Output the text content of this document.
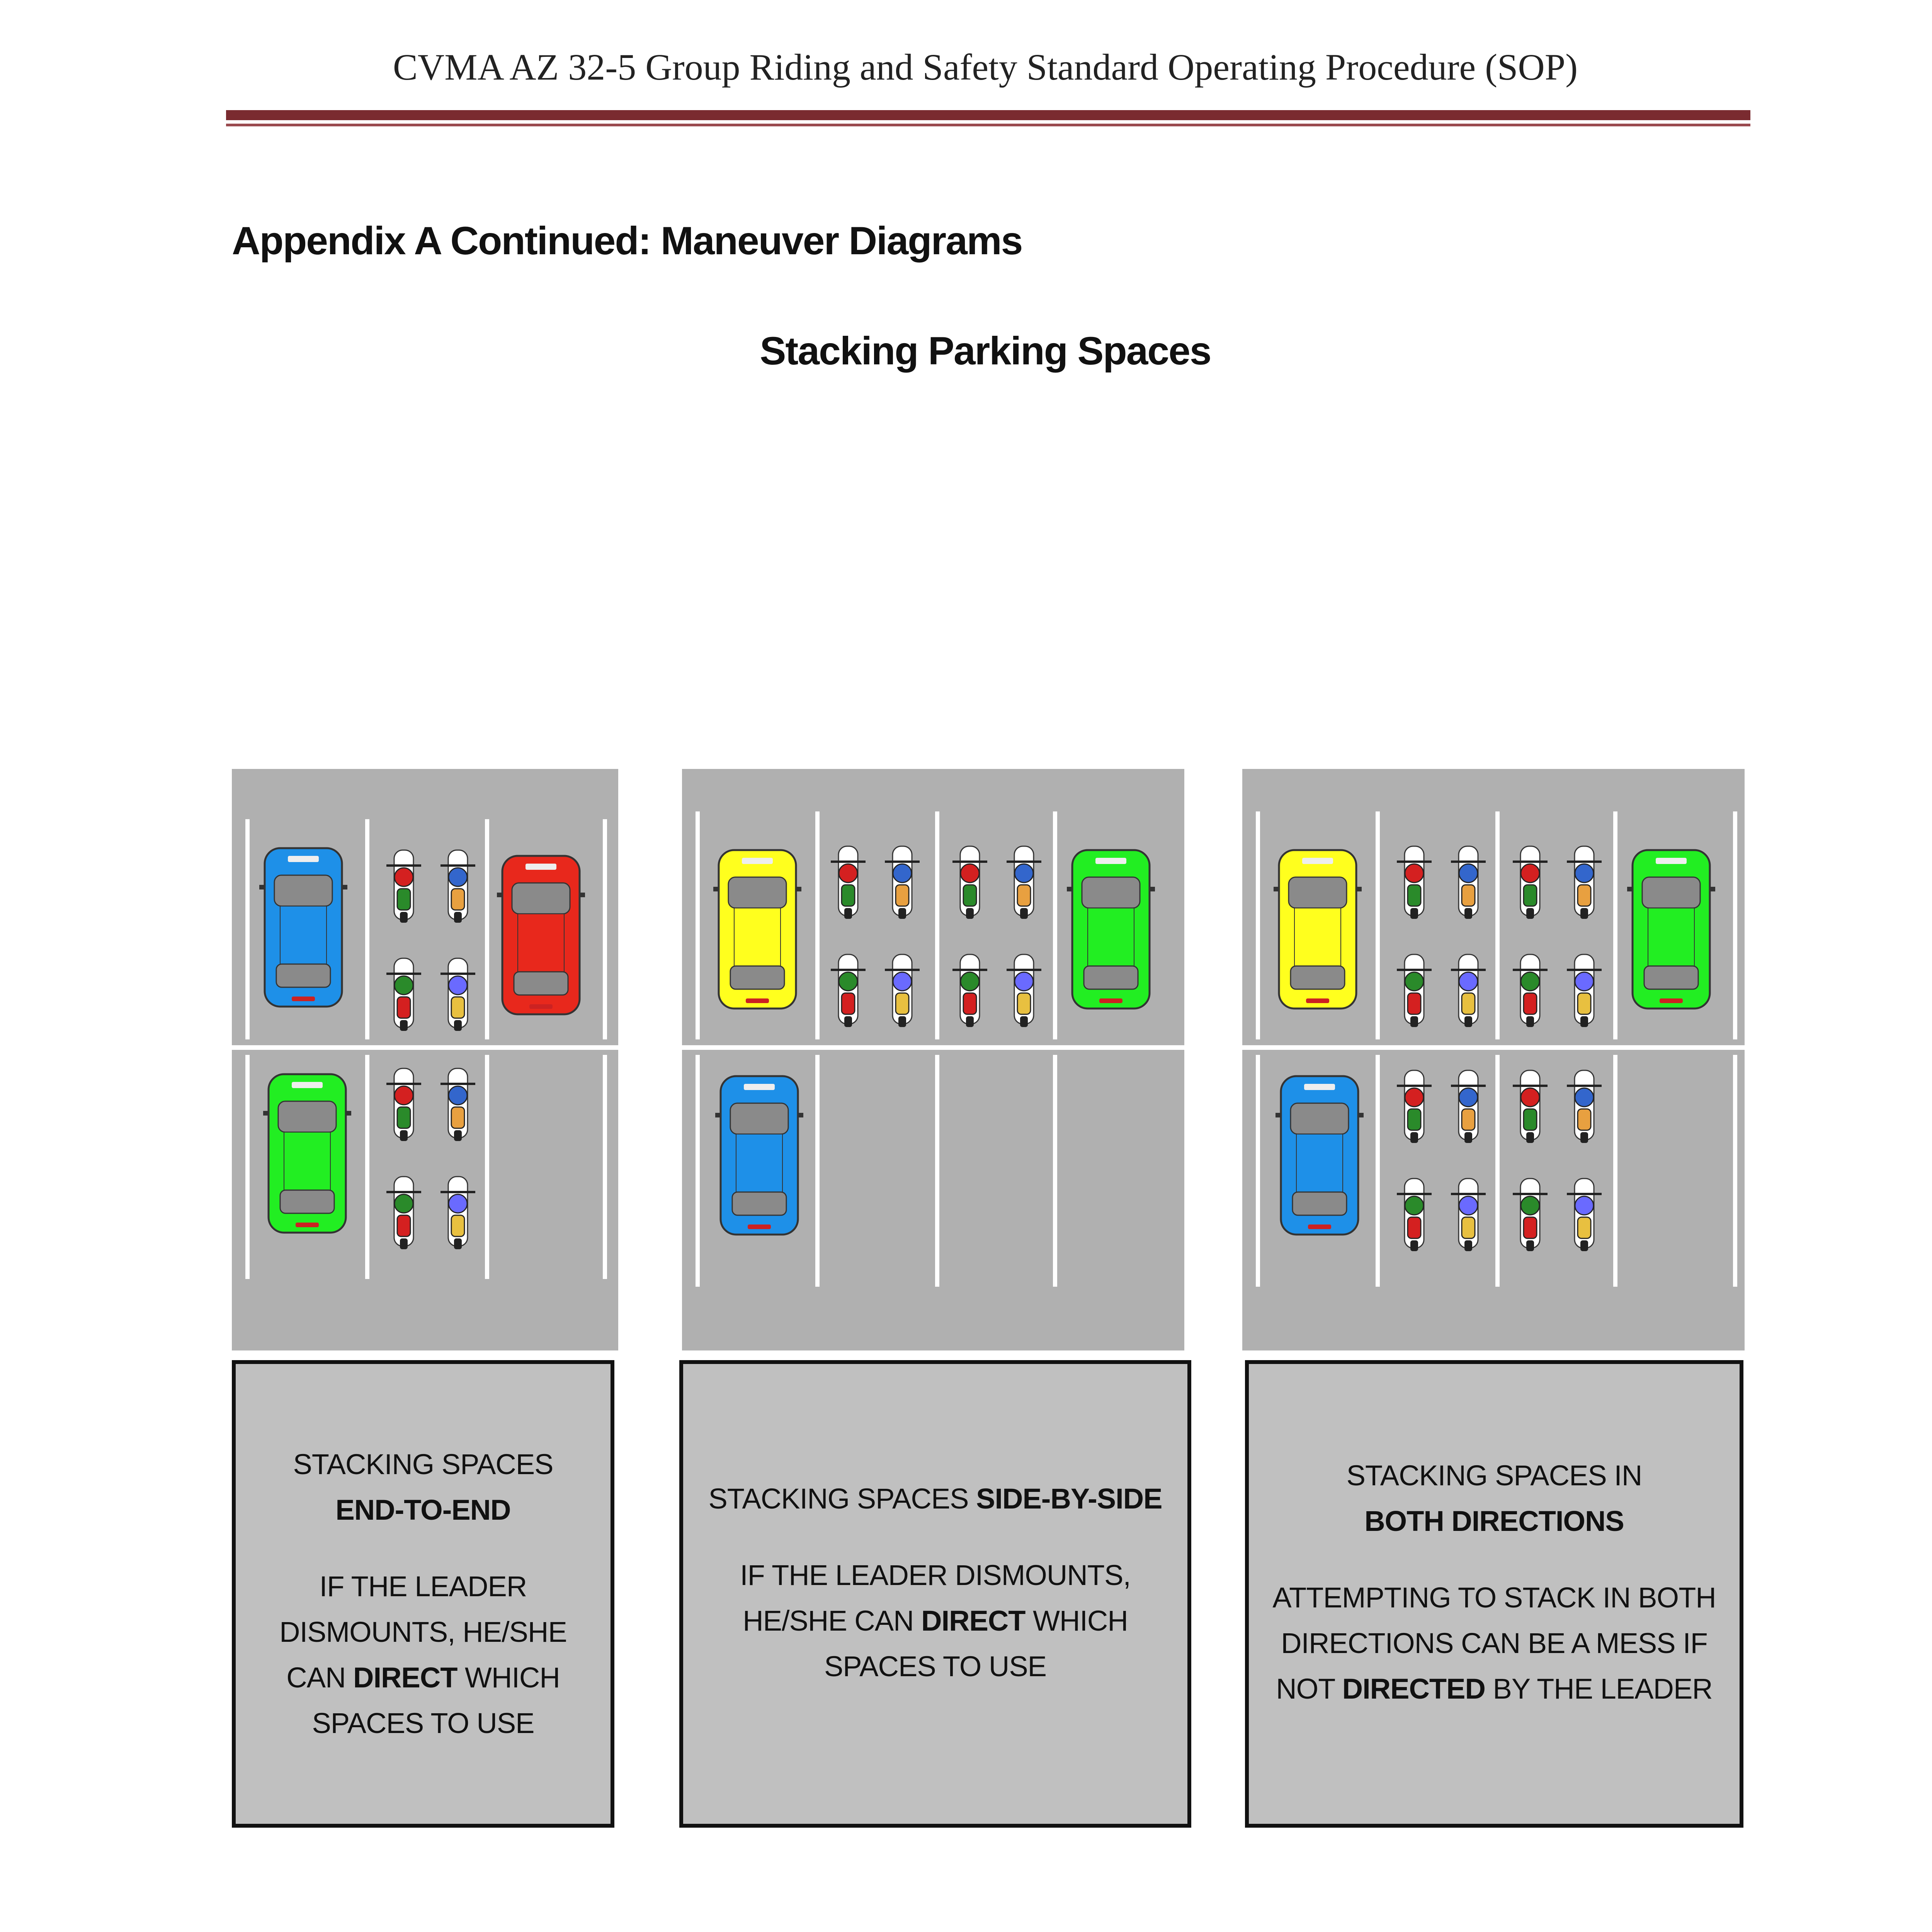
CVMA AZ 32-5 Group Riding and Safety Standard Operating Procedure (SOP)
Appendix A Continued: Maneuver Diagrams
Stacking Parking Spaces

STACKING SPACES

END-TO-END

IF THE LEADER

DISMOUNTS, HE/SHE

CAN DIRECT WHICH

SPACES TO USE

STACKING SPACES SIDE-BY-SIDE

IF THE LEADER DISMOUNTS,

HE/SHE CAN DIRECT WHICH

SPACES TO USE

STACKING SPACES IN

BOTH DIRECTIONS

ATTEMPTING TO STACK IN BOTH

DIRECTIONS CAN BE A MESS IF

NOT DIRECTED BY THE LEADER
